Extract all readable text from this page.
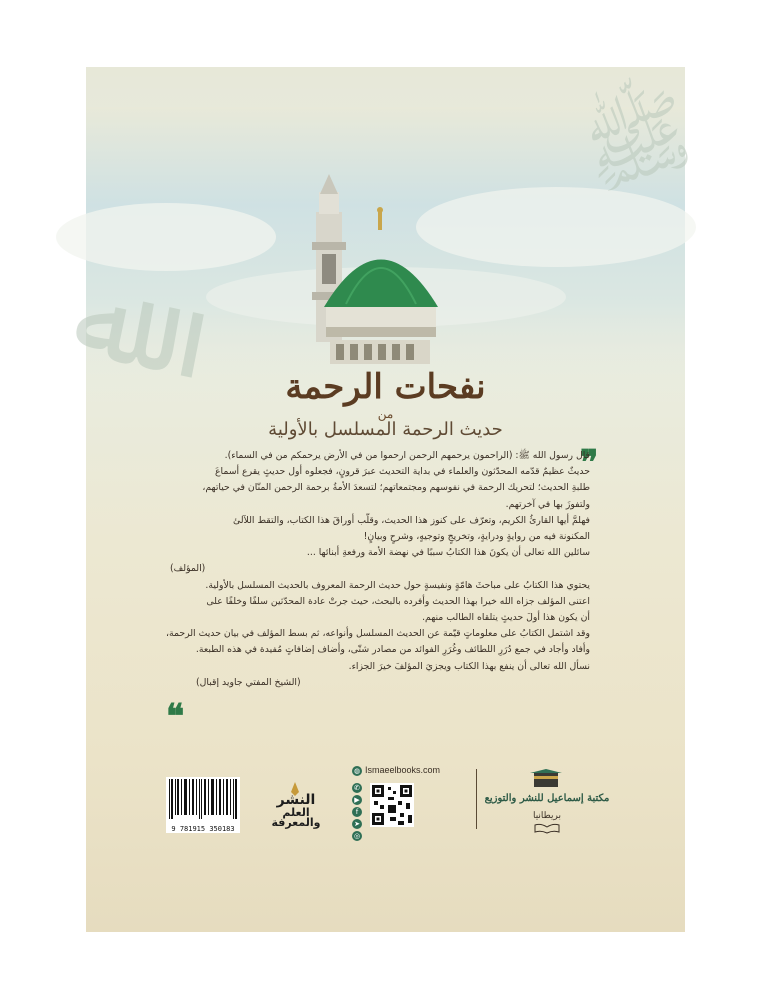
ﷺ
ﷲ	نفحات الرحمة
من
حديث الرحمة المسلسل بالأولية
❞
❝

قال رسول الله ﷺ: (الراحمون يرحمهم الرحمن ارحموا من في الأرض يرحمكم من في السماء).

حديثٌ عظيمٌ قدّمه المحدّثون والعلماء في بداية التحديث عبرَ قرونٍ، فجعلوه أول حديثٍ يقرع أسماعَ

طلبةِ الحديث؛ لتحريك الرحمة في نفوسهم ومجتمعاتهم؛ لتسعدَ الأمةُ برحمة الرحمن المنّان في حياتهم،

ولتفوزَ بها في آخرتهم.

فهلمَّ أيها القارئُ الكريم، وتعرّف على كنوز هذا الحديث، وقلّب أوراقَ هذا الكتاب، والتقط اللآلئ

المكنونة فيه من روايةٍ ودرايةٍ، وتخريجٍ وتوجيهٍ، وشرحٍ وبيانٍ!

سائلين الله تعالى أن يكونَ هذا الكتابُ سببًا في نهضة الأمة ورفعةِ أبنائها ...

(المؤلف)

يحتوي هذا الكتابُ على مباحثَ هامّةٍ ونفيسةٍ حول حديث الرحمة المعروف بالحديث المسلسل بالأولية.

اعتنى المؤلف جزاه الله خيرا بهذا الحديث وأفرده بالبحث، حيث جرتْ عادة المحدّثين سلفًا وخلفًا على

أن يكون هذا أولَ حديثٍ يتلقاه الطالب منهم.

وقد اشتمل الكتابُ على معلوماتٍ قيّمة عن الحديث المسلسل وأنواعه، ثم بسط المؤلف في بيان حديث الرحمة،

وأفاد وأجاد في جمع دُرَرِ اللطائف وغُرَرِ الفوائد من مصادر شتّى، وأضاف إضافاتٍ مُفيدة في هذه الطبعة.

نسأل الله تعالى أن ينفع بهذا الكتاب ويجزيَ المؤلفَ خيرَ الجزاء.

(الشيخ المفتي جاويد إقبال)

9 781915 350183
النشر
العلم
والمعرفة
◍ Ismaeelbooks.com
✆
▶
f
➤
◎
مكتبة إسماعيل للنشر والتوزيع
بريطانيا
